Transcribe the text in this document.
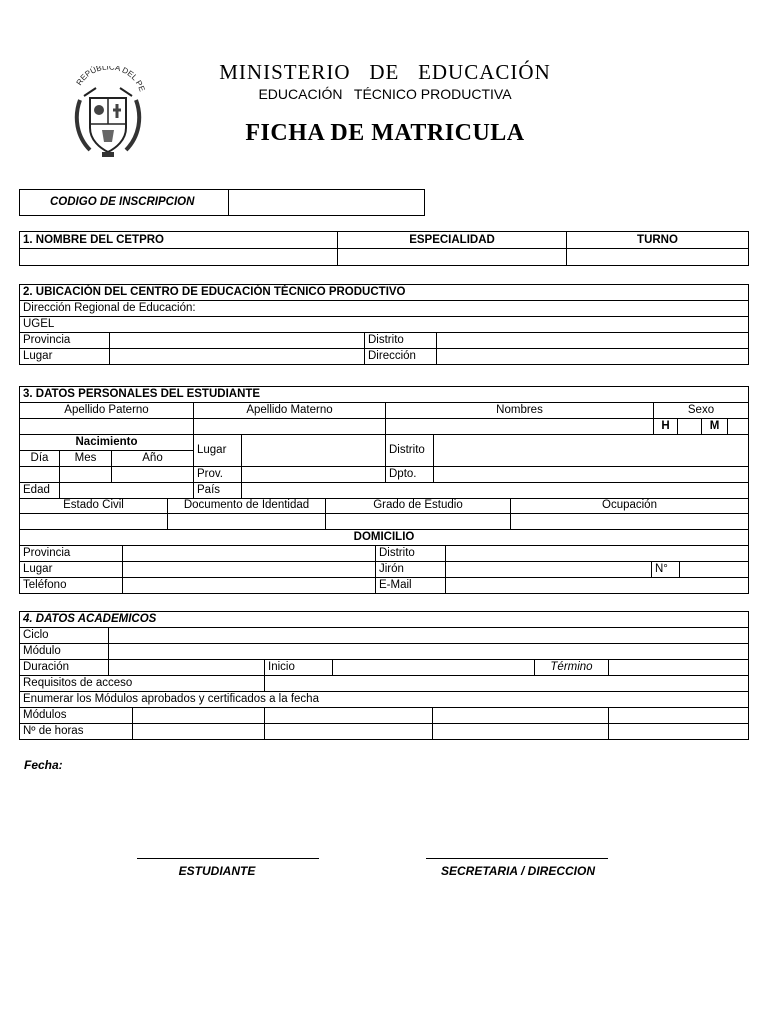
REPÚBLICA DEL PE
MINISTERIO   DE   EDUCACIÓN
EDUCACIÓN   TÉCNICO PRODUCTIVA
FICHA DE MATRICULA
CODIGO DE INSCRIPCION	
1. NOMBRE DEL CETPRO	ESPECIALIDAD	TURNO

2. UBICACIÓN DEL CENTRO DE EDUCACIÓN TÉCNICO PRODUCTIVO			
Dirección Regional de Educación:			
UGEL			
Provincia		Distrito	
Lugar		Dirección	
3. DATOS PERSONALES DEL ESTUDIANTE										
Apellido Paterno			Apellido Materno		Nombres		Sexo			
							H		M	
Nacimiento			Lugar		Distrito					
Día	Mes	Año								
			Prov.		Dpto.					
Edad			País							
Estado Civil	Documento de Identidad	Grado de Estudio	Ocupación

DOMICILIO					
Provincia		Distrito			
Lugar		Jirón		N°	
Teléfono		E-Mail			
4. DATOS ACADEMICOS							
Ciclo							
Módulo							
Duración			Inicio			Término	
Requisitos de acceso							
Enumerar los Módulos aprobados y certificados a la fecha							
Módulos							
Nº de horas							
Fecha:
ESTUDIANTE	SECRETARIA / DIRECCION
